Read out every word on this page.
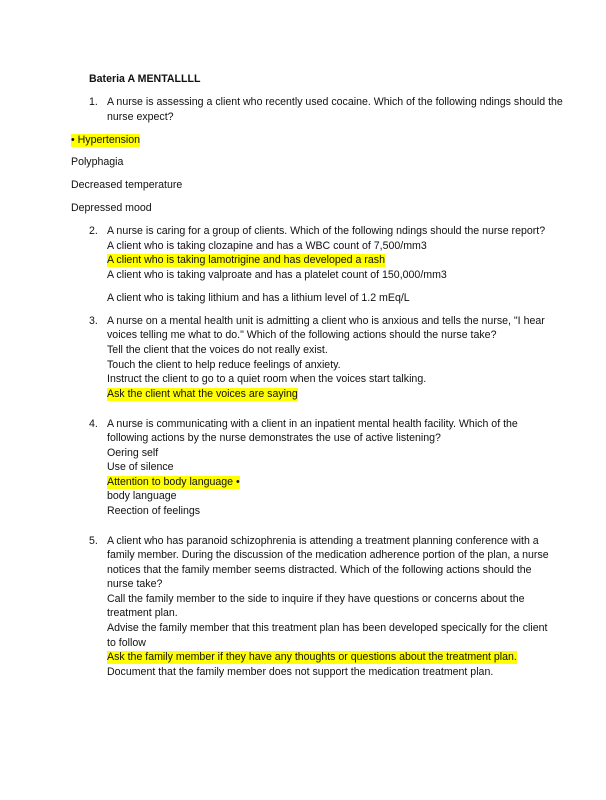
Bateria A MENTALLLL
1. A nurse is assessing a client who recently used cocaine. Which of the following ndings should the
nurse expect?
• Hypertension
Polyphagia
Decreased temperature
Depressed mood
2. A nurse is caring for a group of clients. Which of the following ndings should the nurse report?
A client who is taking clozapine and has a WBC count of 7,500/mm3
A client who is taking lamotrigine and has developed a rash
A client who is taking valproate and has a platelet count of 150,000/mm3
A client who is taking lithium and has a lithium level of 1.2 mEq/L
3. A nurse on a mental health unit is admitting a client who is anxious and tells the nurse, "I hear
voices telling me what to do." Which of the following actions should the nurse take?
Tell the client that the voices do not really exist.
Touch the client to help reduce feelings of anxiety.
Instruct the client to go to a quiet room when the voices start talking.
Ask the client what the voices are saying
4. A nurse is communicating with a client in an inpatient mental health facility. Which of the
following actions by the nurse demonstrates the use of active listening?
Oering self
Use of silence
Attention to body language •
body language
Reection of feelings
5. A client who has paranoid schizophrenia is attending a treatment planning conference with a
family member. During the discussion of the medication adherence portion of the plan, a nurse
notices that the family member seems distracted. Which of the following actions should the
nurse take?
Call the family member to the side to inquire if they have questions or concerns about the
treatment plan.
Advise the family member that this treatment plan has been developed specically for the client
to follow
Ask the family member if they have any thoughts or questions about the treatment plan.
Document that the family member does not support the medication treatment plan.
